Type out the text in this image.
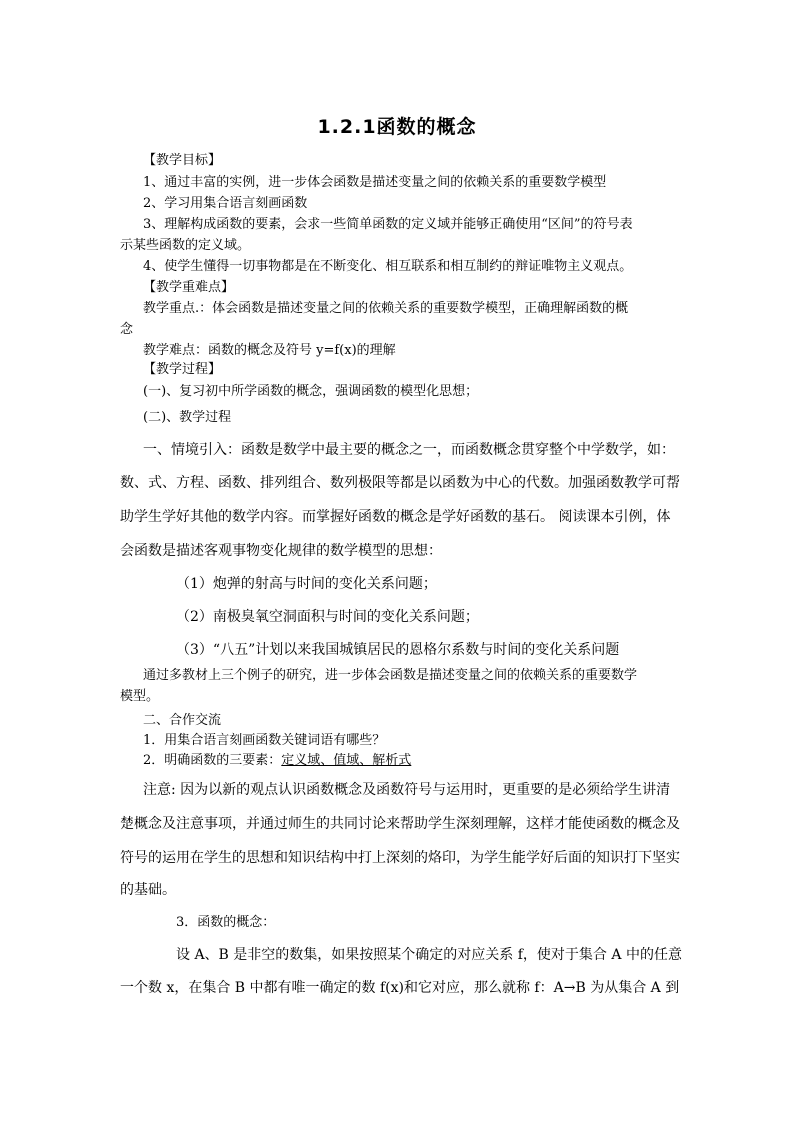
1.2.1函数的概念
【教学目标】
1、通过丰富的实例，进一步体会函数是描述变量之间的依赖关系的重要数学模型
2、学习用集合语言刻画函数
3、理解构成函数的要素，会求一些简单函数的定义域并能够正确使用“区间”的符号表
示某些函数的定义域。
4、使学生懂得一切事物都是在不断变化、相互联系和相互制约的辩证唯物主义观点。
【教学重难点】
教学重点.：体会函数是描述变量之间的依赖关系的重要数学模型，正确理解函数的概
念
教学难点：函数的概念及符号 y=f(x)的理解
【教学过程】
(一)、复习初中所学函数的概念，强调函数的模型化思想；
(二)、教学过程
一、情境引入：函数是数学中最主要的概念之一，而函数概念贯穿整个中学数学，如：
数、式、方程、函数、排列组合、数列极限等都是以函数为中心的代数。加强函数教学可帮
助学生学好其他的数学内容。而掌握好函数的概念是学好函数的基石。 阅读课本引例，体
会函数是描述客观事物变化规律的数学模型的思想：
（1）炮弹的射高与时间的变化关系问题；
（2）南极臭氧空洞面积与时间的变化关系问题；
（3）“八五”计划以来我国城镇居民的恩格尔系数与时间的变化关系问题
通过多教材上三个例子的研究，进一步体会函数是描述变量之间的依赖关系的重要数学
模型。
二、合作交流
1．用集合语言刻画函数关键词语有哪些？
2．明确函数的三要素：定义域、值域、解析式
注意: 因为以新的观点认识函数概念及函数符号与运用时，更重要的是必须给学生讲清
楚概念及注意事项，并通过师生的共同讨论来帮助学生深刻理解，这样才能使函数的概念及
符号的运用在学生的思想和知识结构中打上深刻的烙印，为学生能学好后面的知识打下坚实
的基础。
3．函数的概念：
设 A、B 是非空的数集，如果按照某个确定的对应关系 f，使对于集合 A 中的任意
一个数 x，在集合 B 中都有唯一确定的数 f(x)和它对应，那么就称 f：A→B 为从集合 A 到
